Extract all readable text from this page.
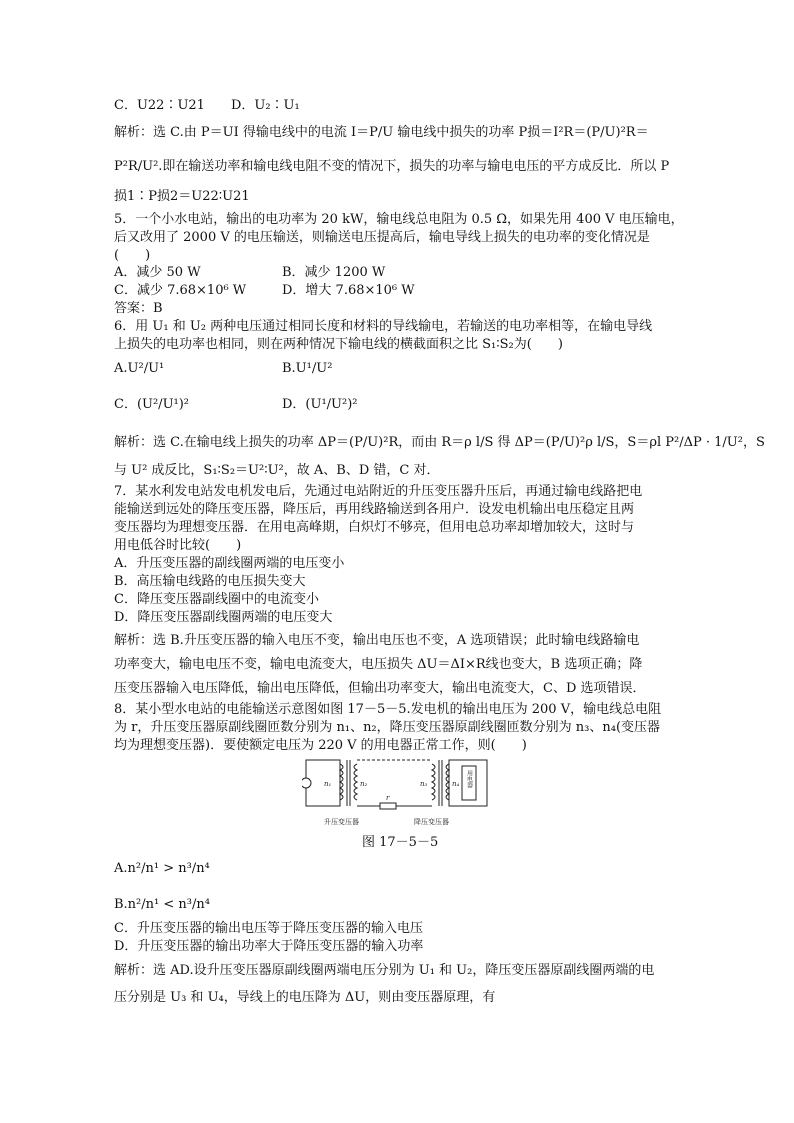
C．U22∶U21　　D．U₂∶U₁
解析：选 C.由 P＝UI 得输电线中的电流 I＝P/U 输电线中损失的功率 P损＝I²R＝(P/U)²R＝
P²R/U².即在输送功率和输电线电阻不变的情况下，损失的功率与输电电压的平方成反比．所以 P
损1∶P损2＝U22∶U21
5．一个小水电站，输出的电功率为 20 kW，输电线总电阻为 0.5 Ω，如果先用 400 V 电压输电，
后又改用了 2000 V 的电压输送，则输送电压提高后，输电导线上损失的电功率的变化情况是
(　　)
A．减少 50 W	B．减少 1200 W
C．减少 7.68×10⁶ W	D．增大 7.68×10⁶ W
答案：B
6．用 U₁ 和 U₂ 两种电压通过相同长度和材料的导线输电，若输送的电功率相等，在输电导线
上损失的电功率也相同，则在两种情况下输电线的横截面积之比 S₁∶S₂为(　　)
A.U²/U¹	B.U¹/U²
C．(U²/U¹)²	D．(U¹/U²)²
解析：选 C.在输电线上损失的功率 ΔP＝(P/U)²R，而由 R＝ρ l/S 得 ΔP＝(P/U)²ρ l/S，S＝ρl P²/ΔP · 1/U²，S
与 U² 成反比，S₁∶S₂＝U²∶U²，故 A、B、D 错，C 对．
7．某水利发电站发电机发电后，先通过电站附近的升压变压器升压后，再通过输电线路把电
能输送到远处的降压变压器，降压后，再用线路输送到各用户．设发电机输出电压稳定且两
变压器均为理想变压器．在用电高峰期，白炽灯不够亮，但用电总功率却增加较大，这时与
用电低谷时比较(　　)
A．升压变压器的副线圈两端的电压变小
B．高压输电线路的电压损失变大
C．降压变压器副线圈中的电流变小
D．降压变压器副线圈两端的电压变大
解析：选 B.升压变压器的输入电压不变，输出电压也不变，A 选项错误；此时输电线路输电
功率变大，输电电压不变，输电电流变大，电压损失 ΔU＝ΔI×R线也变大，B 选项正确；降
压变压器输入电压降低，输出电压降低，但输出功率变大，输出电流变大，C、D 选项错误．
8．某小型水电站的电能输送示意图如图 17－5－5.发电机的输出电压为 200 V，输电线总电阻
为 r，升压变压器原副线圈匝数分别为 n₁、n₂，降压变压器原副线圈匝数分别为 n₃、n₄(变压器
均为理想变压器)．要使额定电压为 220 V 的用电器正常工作，则(　　)
n₁	n₂	n₃	n₄
r
用电器
升压变压器	降压变压器
图 17－5－5
A.n²/n¹ > n³/n⁴
B.n²/n¹ < n³/n⁴
C．升压变压器的输出电压等于降压变压器的输入电压
D．升压变压器的输出功率大于降压变压器的输入功率
解析：选 AD.设升压变压器原副线圈两端电压分别为 U₁ 和 U₂，降压变压器原副线圈两端的电
压分别是 U₃ 和 U₄，导线上的电压降为 ΔU，则由变压器原理，有
